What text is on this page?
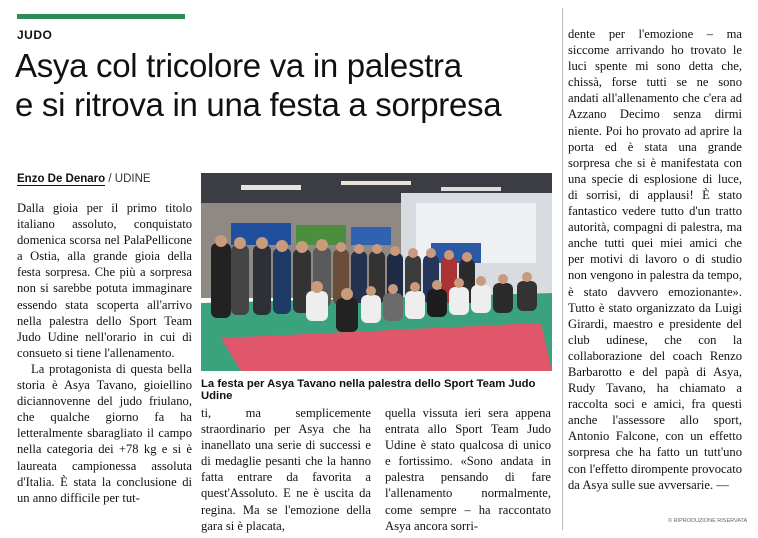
JUDO
Asya col tricolore va in palestra
e si ritrova in una festa a sorpresa
Enzo De Denaro / UDINE

Dalla gioia per il primo titolo italiano assoluto, conquistato domenica scorsa nel PalaPellicone a Ostia, alla grande gioia della festa sorpresa. Che più a sorpresa non si sarebbe potuta immaginare essendo stata scoperta all'arrivo nella palestra dello Sport Team Judo Udine nell'orario in cui di consueto si tiene l'allenamento.

La protagonista di questa bella storia è Asya Tavano, gioiellino diciannovenne del judo friulano, che qualche giorno fa ha letteralmente sbaragliato il campo nella categoria dei +78 kg e si è laureata campionessa assoluta d'Italia. È stata la conclusione di un anno difficile per tut-

La festa per Asya Tavano nella palestra dello Sport Team Judo Udine

ti, ma semplicemente straordinario per Asya che ha inanellato una serie di successi e di medaglie pesanti che la hanno fatta entrare da favorita a quest'Assoluto. E ne è uscita da regina. Ma se l'emozione della gara si è placata,

quella vissuta ieri sera appena entrata allo Sport Team Judo Udine è stato qualcosa di unico e fortissimo. «Sono andata in palestra pensando di fare l'allenamento normalmente, come sempre – ha raccontato Asya ancora sorri-

dente per l'emozione – ma siccome arrivando ho trovato le luci spente mi sono detta che, chissà, forse tutti se ne sono andati all'allenamento che c'era ad Azzano Decimo senza dirmi niente. Poi ho provato ad aprire la porta ed è stata una grande sorpresa che si è manifestata con una specie di esplosione di luce, di sorrisi, di applausi! È stato fantastico vedere tutto d'un tratto autorità, compagni di palestra, ma anche tutti quei miei amici che per motivi di lavoro o di studio non vengono in palestra da tempo, è stato davvero emozionante». Tutto è stato organizzato da Luigi Girardi, maestro e presidente del club udinese, che con la collaborazione del coach Renzo Barbarotto e del papà di Asya, Rudy Tavano, ha chiamato a raccolta soci e amici, fra questi anche l'assessore allo sport, Antonio Falcone, con un effetto sorpresa che ha fatto un tutt'uno con l'effetto dirompente provocato da Asya sulle sue avversarie. —

© RIPRODUZIONE RISERVATA
